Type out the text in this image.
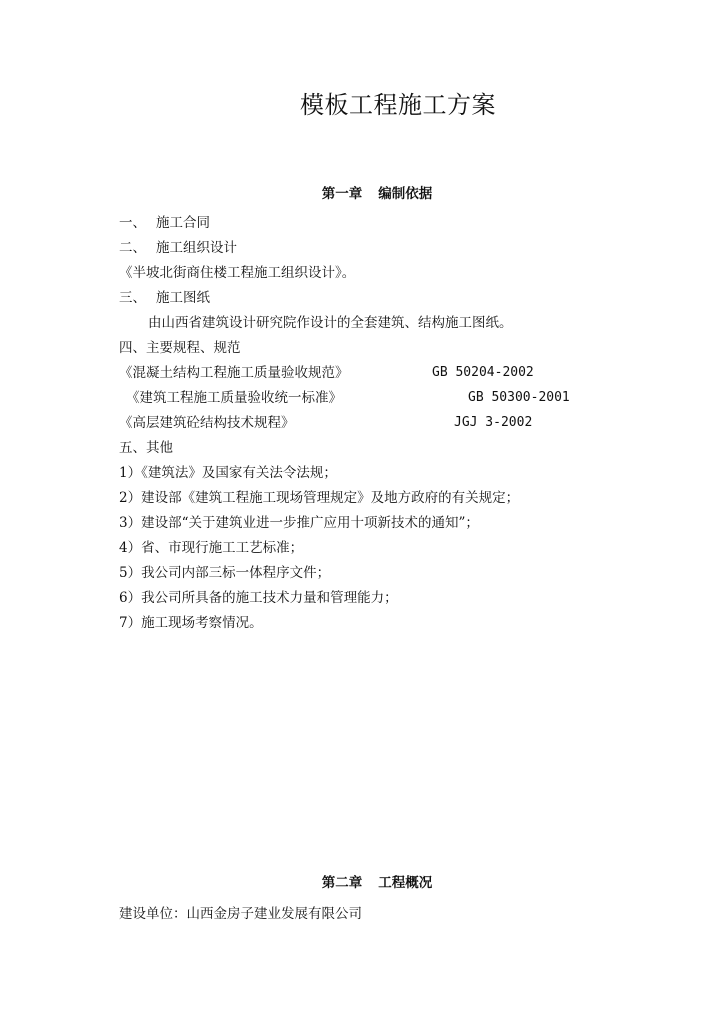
模板工程施工方案
第一章 编制依据
一、 施工合同
二、 施工组织设计
《半坡北街商住楼工程施工组织设计》。
三、 施工图纸
由山西省建筑设计研究院作设计的全套建筑、结构施工图纸。
四、主要规程、规范
《混凝土结构工程施工质量验收规范》	GB 50204-2002
《建筑工程施工质量验收统一标准》	GB 50300-2001
《高层建筑砼结构技术规程》	JGJ 3-2002
五、其他
1）《建筑法》及国家有关法令法规；
2）建设部《建筑工程施工现场管理规定》及地方政府的有关规定；
3）建设部“关于建筑业进一步推广应用十项新技术的通知”；
4）省、市现行施工工艺标准；
5）我公司内部三标一体程序文件；
6）我公司所具备的施工技术力量和管理能力；
7）施工现场考察情况。
第二章 工程概况
建设单位：山西金房子建业发展有限公司
